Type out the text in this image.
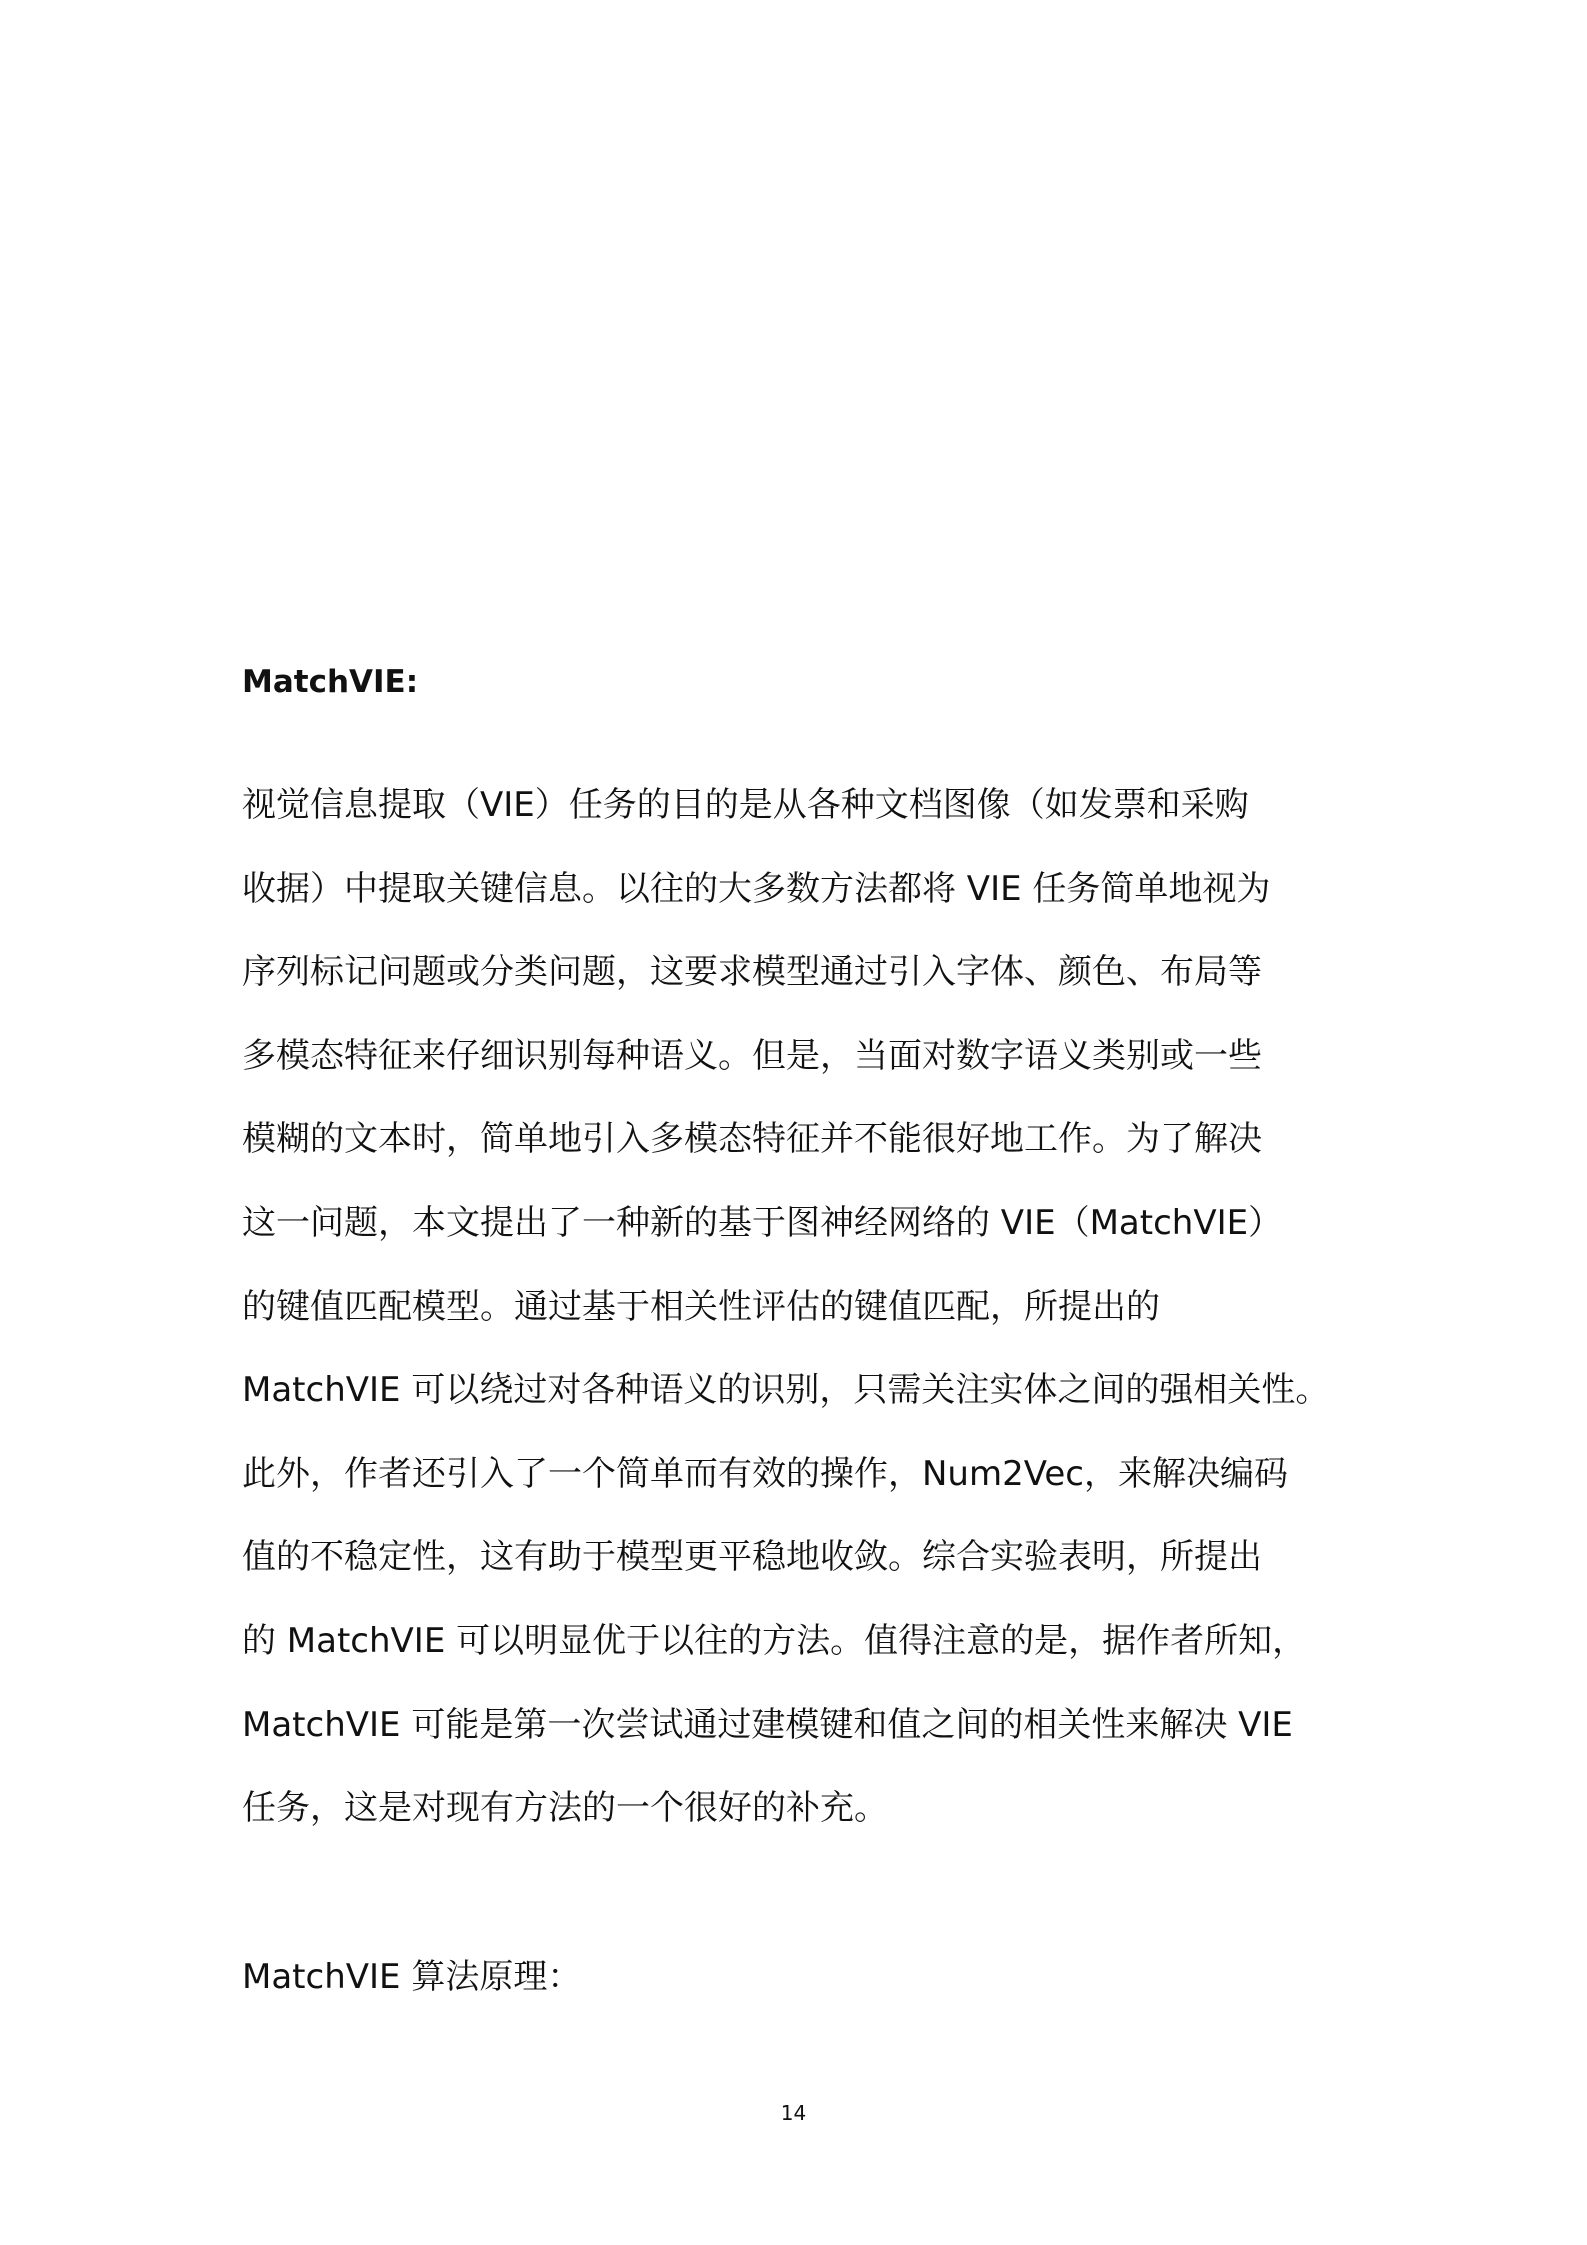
MatchVIE:
视觉信息提取（VIE）任务的目的是从各种文档图像（如发票和采购
收据）中提取关键信息。以往的大多数方法都将 VIE 任务简单地视为
序列标记问题或分类问题，这要求模型通过引入字体、颜色、布局等
多模态特征来仔细识别每种语义。但是，当面对数字语义类别或一些
模糊的文本时，简单地引入多模态特征并不能很好地工作。为了解决
这一问题，本文提出了一种新的基于图神经网络的 VIE（MatchVIE）
的键值匹配模型。通过基于相关性评估的键值匹配，所提出的
MatchVIE 可以绕过对各种语义的识别，只需关注实体之间的强相关性。
此外，作者还引入了一个简单而有效的操作，Num2Vec，来解决编码
值的不稳定性，这有助于模型更平稳地收敛。综合实验表明，所提出
的 MatchVIE 可以明显优于以往的方法。值得注意的是，据作者所知，
MatchVIE 可能是第一次尝试通过建模键和值之间的相关性来解决 VIE
任务，这是对现有方法的一个很好的补充。
MatchVIE 算法原理：
14
